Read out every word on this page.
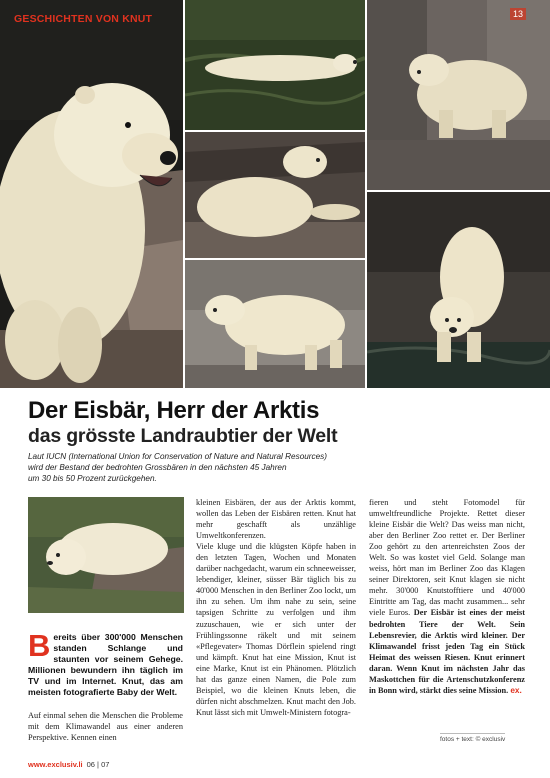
GESCHICHTEN VON KNUT	13
Der Eisbär, Herr der Arktis
das grösste Landraubtier der Welt
Laut IUCN (International Union for Conservation of Nature and Natural Resources)
wird der Bestand der bedrohten Grossbären in den nächsten 45 Jahren
um 30 bis 50 Prozent zurückgehen.

Bereits über 300'000 Menschen standen Schlange und staunten vor seinem Gehege. Millionen bewundern ihn täglich im TV und im Internet. Knut, das am meisten fotografierte Baby der Welt.

Auf einmal sehen die Menschen die Probleme mit dem Klimawandel aus einer anderen Perspektive. Kennen einen

kleinen Eisbären, der aus der Arktis kommt, wollen das Leben der Eisbären retten. Knut hat mehr geschafft als unzählige Umweltkonferenzen.

Viele kluge und die klügsten Köpfe haben in den letzten Tagen, Wochen und Monaten darüber nachgedacht, warum ein schneeweisser, lebendiger, kleiner, süsser Bär täglich bis zu 40'000 Menschen in den Berliner Zoo lockt, um ihn zu sehen. Um ihm nahe zu sein, seine tapsigen Schritte zu verfolgen und ihm zuzuschauen, wie er sich unter der Frühlingssonne räkelt und mit seinem «Pflegevater» Thomas Dörflein spielend ringt und kämpft. Knut hat eine Mission, Knut ist eine Marke, Knut ist ein Phänomen. Plötzlich hat das ganze einen Namen, die Pole zum Beispiel, wo die kleinen Knuts leben, die dürfen nicht abschmelzen. Knut macht den Job. Knut lässt sich mit Umwelt-Ministern fotogra-

fieren und steht Fotomodel für umweltfreundliche Projekte. Rettet dieser kleine Eisbär die Welt? Das weiss man nicht, aber den Berliner Zoo rettet er. Der Berliner Zoo gehört zu den artenreichsten Zoos der Welt. So was kostet viel Geld. Solange man weiss, hört man im Berliner Zoo das Klagen seiner Direktoren, seit Knut klagen sie nicht mehr. 30'000 Knutstofftiere und 40'000 Eintritte am Tag, das macht zusammen... sehr viele Euros. Der Eisbär ist eines der meist bedrohten Tiere der Welt. Sein Lebensrevier, die Arktis wird kleiner. Der Klimawandel frisst jeden Tag ein Stück Heimat des weissen Riesen. Knut erinnert daran. Wenn Knut im nächsten Jahr das Maskottchen für die Artenschutzkonferenz in Bonn wird, stärkt dies seine Mission. ex.

fotos + text: © exclusiv
www.exclusiv.li 06 | 07
